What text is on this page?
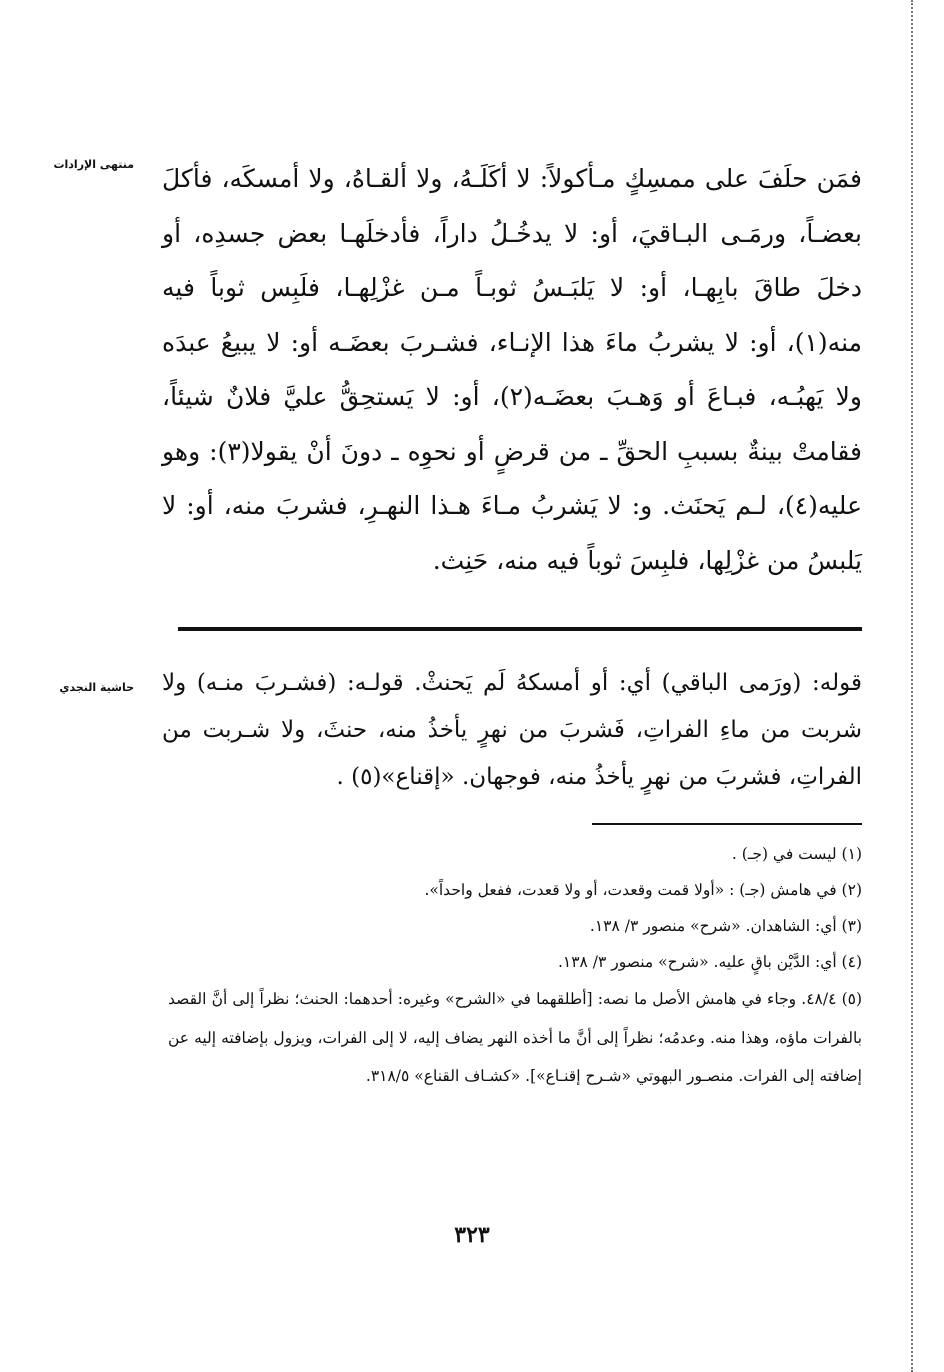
منتهى الإرادات فمَن حلَفَ على ممسِكٍ مـأكولاً: لا أكَلَـهُ، ولا ألقـاهُ، ولا أمسكَه، فأكلَ بعضـاً، ورمَـى البـاقيَ، أو: لا يدخُـلُ داراً، فأدخلَهـا بعض جسدِه، أو دخلَ طاقَ بابِهـا، أو: لا يَلبَـسُ ثوبـاً مـن غزْلِهـا، فلَبِس ثوباً فيه منه(١)، أو: لا يشربُ ماءَ هذا الإنـاء، فشـربَ بعضَـه أو: لا يبيعُ عبدَه ولا يَهبُـه، فبـاعَ أو وَهـبَ بعضَـه(٢)، أو: لا يَستحِقُّ عليَّ فلانٌ شيئاً، فقامتْ بينةٌ بسببِ الحقِّ ـ من قرضٍ أو نحوِه ـ دونَ أنْ يقولا(٣): وهو عليه(٤)، لـم يَحنَث. و: لا يَشربُ مـاءَ هـذا النهـرِ، فشربَ منه، أو: لا يَلبسُ من غزْلِها، فلبِسَ ثوباً فيه منه، حَنِث.

حاشية النجدي قوله: (ورَمى الباقي) أي: أو أمسكهُ لَم يَحنثْ. قولـه: (فشـربَ منـه) ولا شربت من ماءِ الفراتِ، فَشربَ من نهرٍ يأخذُ منه، حنثَ، ولا شـربت من الفراتِ، فشربَ من نهرٍ يأخذُ منه، فوجهان. «إقناع»(٥) .

(١) ليست في (جـ) .

(٢) في هامش (جـ) : «أولا قمت وقعدت، أو ولا قعدت، ففعل واحداً».

(٣) أي: الشاهدان. «شرح» منصور ٣/ ١٣٨.

(٤) أي: الدَّيْن باقٍ عليه. «شرح» منصور ٣/ ١٣٨.

(٥) ٤٨/٤. وجاء في هامش الأصل ما نصه: [أطلقهما في «الشرح» وغيره: أحدهما: الحنث؛ نظراً إلى أنَّ القصد بالفرات ماؤه، وهذا منه. وعدمُه؛ نظراً إلى أنَّ ما أخذه النهر يضاف إليه، لا إلى الفرات، ويزول بإضافته إليه عن إضافته إلى الفرات. منصـور البهوتي «شـرح إقنـاع»]. «كشـاف القناع» ٣١٨/٥.

٣٢٣
